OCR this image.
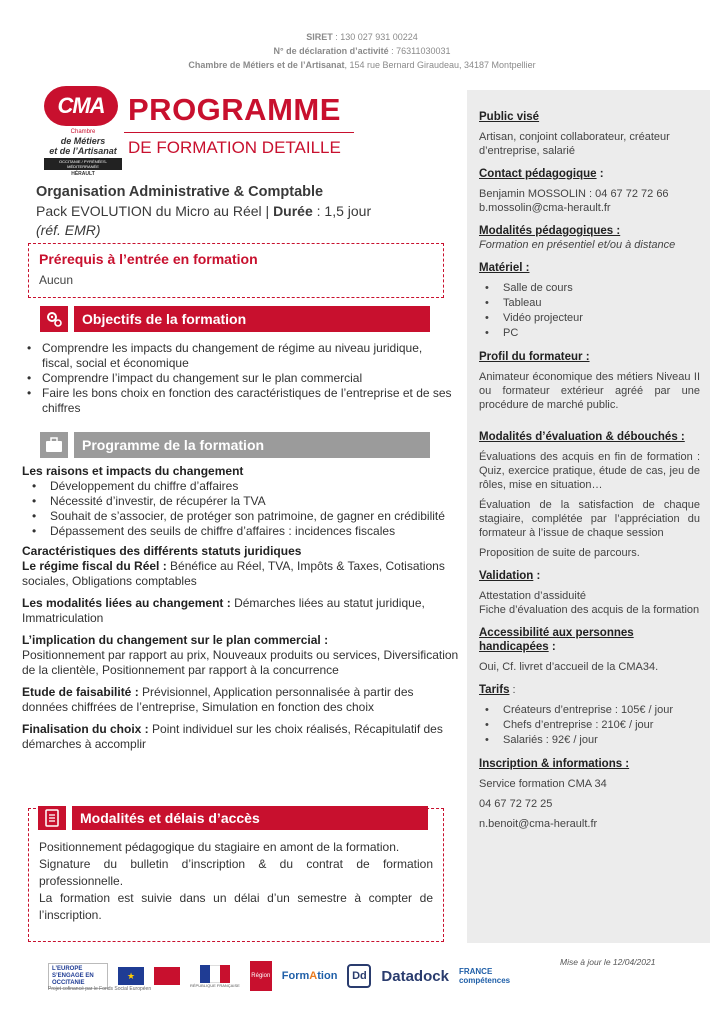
SIRET : 130 027 931 00224
N° de déclaration d’activité : 76311030031
Chambre de Métiers et de l’Artisanat, 154 rue Bernard Giraudeau, 34187 Montpellier
CMA
Chambre
de Métiers
et de l’Artisanat
OCCITANIE / PYRÉNÉES-MÉDITERRANÉE
HÉRAULT
PROGRAMME
DE FORMATION DETAILLE
Organisation Administrative & Comptable
Pack EVOLUTION du Micro au Réel | Durée : 1,5 jour
(réf. EMR)
Prérequis à l’entrée en formation
Aucun
Objectifs de la formation
• Comprendre les impacts du changement de régime au niveau juridique, fiscal, social et économique
• Comprendre l’impact du changement sur le plan commercial
• Faire les bons choix en fonction des caractéristiques de l’entreprise et de ses chiffres
Programme de la formation
Les raisons et impacts du changement
• Développement du chiffre d’affaires
• Nécessité d’investir, de récupérer la TVA
• Souhait de s’associer, de protéger son patrimoine, de gagner en crédibilité
• Dépassement des seuils de chiffre d’affaires : incidences fiscales
Caractéristiques des différents statuts juridiques

Le régime fiscal du Réel : Bénéfice au Réel, TVA, Impôts & Taxes, Cotisations sociales, Obligations comptables

Les modalités liées au changement : Démarches liées au statut juridique, Immatriculation

L’implication du changement sur le plan commercial :

Positionnement par rapport au prix, Nouveaux produits ou services, Diversification de la clientèle, Positionnement par rapport à la concurrence

Etude de faisabilité : Prévisionnel, Application personnalisée à partir des données chiffrées de l’entreprise, Simulation en fonction des choix

Finalisation du choix : Point individuel sur les choix réalisés, Récapitulatif des démarches à accomplir

Positionnement pédagogique du stagiaire en amont de la formation.
Signature du bulletin d’inscription & du contrat de formation professionnelle.
La formation est suivie dans un délai d’un semestre à compter de l’inscription.
Modalités et délais d’accès
Public visé
Artisan, conjoint collaborateur, créateur d’entreprise, salarié
Contact pédagogique :
Benjamin MOSSOLIN : 04 67 72 72 66
b.mossolin@cma-herault.fr
Modalités pédagogiques :
Formation en présentiel et/ou à distance
Matériel :
• Salle de cours
• Tableau
• Vidéo projecteur
• PC
Profil du formateur :
Animateur économique des métiers Niveau II ou formateur extérieur agréé par une procédure de marché public.
Modalités d’évaluation & débouchés :
Évaluations des acquis en fin de formation : Quiz, exercice pratique, étude de cas, jeu de rôles, mise en situation…
Évaluation de la satisfaction de chaque stagiaire, complétée par l’appréciation du formateur à l’issue de chaque session
Proposition de suite de parcours.
Validation :
Attestation d’assiduité
Fiche d’évaluation des acquis de la formation
Accessibilité aux personnes handicapées :
Oui, Cf. livret d’accueil de la CMA34.
Tarifs :
• Créateurs d’entreprise : 105€ / jour
• Chefs d’entreprise : 210€ / jour
• Salariés : 92€ / jour
Inscription & informations :
Service formation CMA 34
04 67 72 72 25
n.benoit@cma-herault.fr
Mise à jour le 12/04/2021
L’EUROPE S’ENGAGE EN OCCITANIE
★
RÉPUBLIQUE FRANÇAISE
Région FormAtion	Dd Datadock FRANCE
compétences
Projet cofinancé par le Fonds Social Européen
